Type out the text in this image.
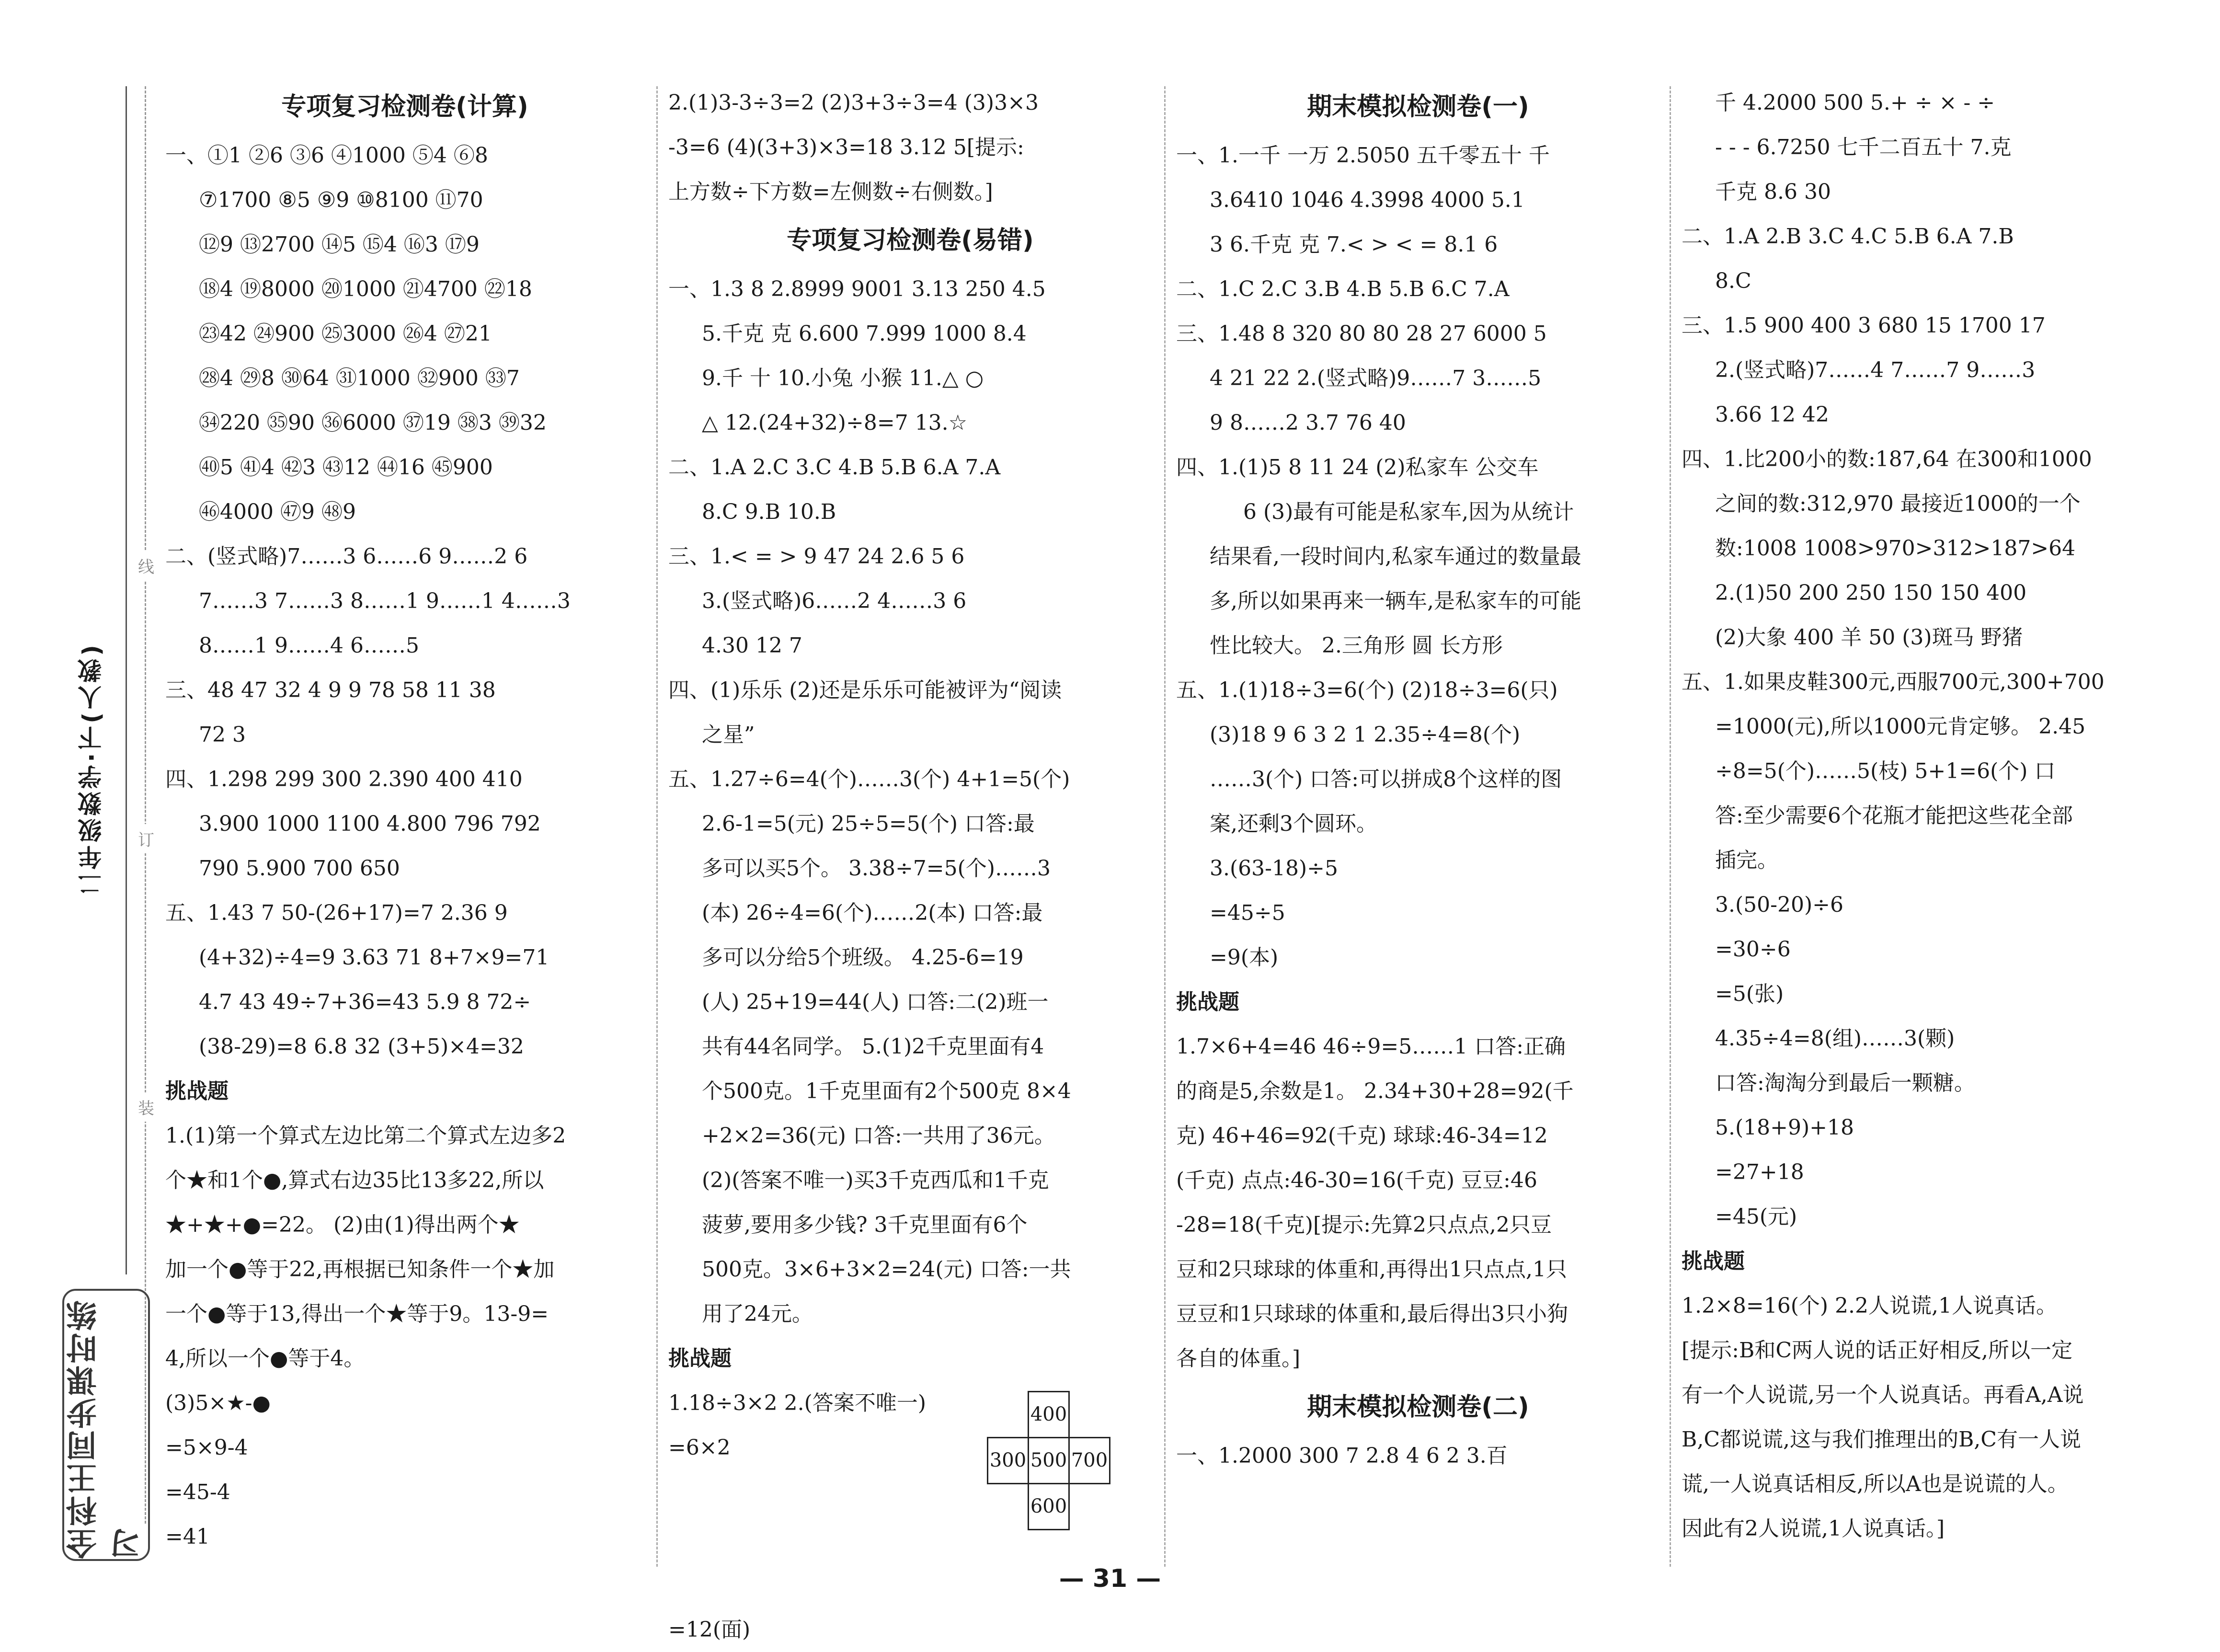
线
订
装
二年级数学·下(人教)
全科王同步课时练习
专项复习检测卷(计算)
一、①1 ②6 ③6 ④1000 ⑤4 ⑥8
⑦1700 ⑧5 ⑨9 ⑩8100 ⑪70
⑫9 ⑬2700 ⑭5 ⑮4 ⑯3 ⑰9
⑱4 ⑲8000 ⑳1000 ㉑4700 ㉒18
㉓42 ㉔900 ㉕3000 ㉖4 ㉗21
㉘4 ㉙8 ㉚64 ㉛1000 ㉜900 ㉝7
㉞220 ㉟90 ㊱6000 ㊲19 ㊳3 ㊴32
㊵5 ㊶4 ㊷3 ㊸12 ㊹16 ㊺900
㊻4000 ㊼9 ㊽9
二、(竖式略)7……3 6……6 9……2 6
7……3 7……3 8……1 9……1 4……3
8……1 9……4 6……5
三、48 47 32 4 9 9 78 58 11 38
72 3
四、1.298 299 300 2.390 400 410
3.900 1000 1100 4.800 796 792
790 5.900 700 650
五、1.43 7 50-(26+17)=7 2.36 9
(4+32)÷4=9 3.63 71 8+7×9=71
4.7 43 49÷7+36=43 5.9 8 72÷
(38-29)=8 6.8 32 (3+5)×4=32
挑战题
1.(1)第一个算式左边比第二个算式左边多2
个★和1个●,算式右边35比13多22,所以
★+★+●=22。 (2)由(1)得出两个★
加一个●等于22,再根据已知条件一个★加
一个●等于13,得出一个★等于9。13-9=
4,所以一个●等于4。
(3)5×★-●
=5×9-4
=45-4
=41
2.(1)3-3÷3=2 (2)3+3÷3=4 (3)3×3
-3=6 (4)(3+3)×3=18 3.12 5[提示:
上方数÷下方数=左侧数÷右侧数。]
专项复习检测卷(易错)
一、1.3 8 2.8999 9001 3.13 250 4.5
5.千克 克 6.600 7.999 1000 8.4
9.千 十 10.小兔 小猴 11.△ ○
△ 12.(24+32)÷8=7 13.☆
二、1.A 2.C 3.C 4.B 5.B 6.A 7.A
8.C 9.B 10.B
三、1.< = > 9 47 24 2.6 5 6
3.(竖式略)6……2 4……3 6
4.30 12 7
四、(1)乐乐 (2)还是乐乐可能被评为“阅读
之星”
五、1.27÷6=4(个)……3(个) 4+1=5(个)
2.6-1=5(元) 25÷5=5(个) 口答:最
多可以买5个。 3.38÷7=5(个)……3
(本) 26÷4=6(个)……2(本) 口答:最
多可以分给5个班级。 4.25-6=19
(人) 25+19=44(人) 口答:二(2)班一
共有44名同学。 5.(1)2千克里面有4
个500克。1千克里面有2个500克 8×4
+2×2=36(元) 口答:一共用了36元。
(2)(答案不唯一)买3千克西瓜和1千克
菠萝,要用多少钱? 3千克里面有6个
500克。3×6+3×2=24(元) 口答:一共
用了24元。
挑战题
1.18÷3×2 2.(答案不唯一)
=6×2
	400	
300	500	700
	600	
=12(面)
期末模拟检测卷(一)
一、1.一千 一万 2.5050 五千零五十 千
3.6410 1046 4.3998 4000 5.1
3 6.千克 克 7.< > < = 8.1 6
二、1.C 2.C 3.B 4.B 5.B 6.C 7.A
三、1.48 8 320 80 80 28 27 6000 5
4 21 22 2.(竖式略)9……7 3……5
9 8……2 3.7 76 40
四、1.(1)5 8 11 24 (2)私家车 公交车
6 (3)最有可能是私家车,因为从统计
结果看,一段时间内,私家车通过的数量最
多,所以如果再来一辆车,是私家车的可能
性比较大。 2.三角形 圆 长方形
五、1.(1)18÷3=6(个) (2)18÷3=6(只)
(3)18 9 6 3 2 1 2.35÷4=8(个)
……3(个) 口答:可以拼成8个这样的图
案,还剩3个圆环。
3.(63-18)÷5
=45÷5
=9(本)
挑战题
1.7×6+4=46 46÷9=5……1 口答:正确
的商是5,余数是1。 2.34+30+28=92(千
克) 46+46=92(千克) 球球:46-34=12
(千克) 点点:46-30=16(千克) 豆豆:46
-28=18(千克)[提示:先算2只点点,2只豆
豆和2只球球的体重和,再得出1只点点,1只
豆豆和1只球球的体重和,最后得出3只小狗
各自的体重。]
期末模拟检测卷(二)
一、1.2000 300 7 2.8 4 6 2 3.百
千 4.2000 500 5.+ ÷ × - ÷
- - - 6.7250 七千二百五十 7.克
千克 8.6 30
二、1.A 2.B 3.C 4.C 5.B 6.A 7.B
8.C
三、1.5 900 400 3 680 15 1700 17
2.(竖式略)7……4 7……7 9……3
3.66 12 42
四、1.比200小的数:187,64 在300和1000
之间的数:312,970 最接近1000的一个
数:1008 1008>970>312>187>64
2.(1)50 200 250 150 150 400
(2)大象 400 羊 50 (3)斑马 野猪
五、1.如果皮鞋300元,西服700元,300+700
=1000(元),所以1000元肯定够。 2.45
÷8=5(个)……5(枝) 5+1=6(个) 口
答:至少需要6个花瓶才能把这些花全部
插完。
3.(50-20)÷6
=30÷6
=5(张)
4.35÷4=8(组)……3(颗)
口答:淘淘分到最后一颗糖。
5.(18+9)+18
=27+18
=45(元)
挑战题
1.2×8=16(个) 2.2人说谎,1人说真话。
[提示:B和C两人说的话正好相反,所以一定
有一个人说谎,另一个人说真话。再看A,A说
B,C都说谎,这与我们推理出的B,C有一人说
谎,一人说真话相反,所以A也是说谎的人。
因此有2人说谎,1人说真话。]
— 31 —
